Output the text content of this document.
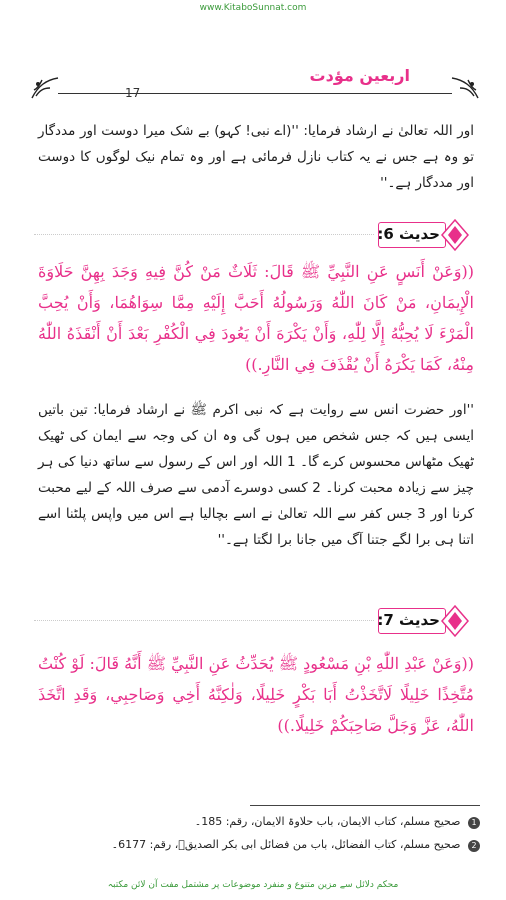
www.KitaboSunnat.com
17
اربعین مؤدت
اور اللہ تعالیٰ نے ارشاد فرمایا: ''(اے نبی! کہو) بے شک میرا دوست اور مددگار تو وہ ہے جس نے یہ کتاب نازل فرمائی ہے اور وہ تمام نیک لوگوں کا دوست اور مددگار ہے۔''
حدیث 6:
((وَعَنْ أَنَسٍ عَنِ النَّبِيِّ ﷺ قَالَ: ثَلَاثٌ مَنْ كُنَّ فِيهِ وَجَدَ بِهِنَّ حَلَاوَةَ الْإِيمَانِ، مَنْ كَانَ اللّٰهُ وَرَسُولُهُ أَحَبَّ إِلَيْهِ مِمَّا سِوَاهُمَا، وَأَنْ يُحِبَّ الْمَرْءَ لَا يُحِبُّهُ إِلَّا لِلّٰهِ، وَأَنْ يَكْرَهَ أَنْ يَعُودَ فِي الْكُفْرِ بَعْدَ أَنْ أَنْقَذَهُ اللّٰهُ مِنْهُ، كَمَا يَكْرَهُ أَنْ يُقْذَفَ فِي النَّارِ.))
''اور حضرت انس سے روایت ہے کہ نبی اکرم ﷺ نے ارشاد فرمایا: تین باتیں ایسی ہیں کہ جس شخص میں ہوں گی وہ ان کی وجہ سے ایمان کی ٹھیک ٹھیک مٹھاس محسوس کرے گا۔ 1 اللہ اور اس کے رسول سے ساتھ دنیا کی ہر چیز سے زیادہ محبت کرنا۔ 2 کسی دوسرے آدمی سے صرف اللہ کے لیے محبت کرنا اور 3 جس کفر سے اللہ تعالیٰ نے اسے بچالیا ہے اس میں واپس پلٹنا اسے اتنا ہی برا لگے جتنا آگ میں جانا برا لگتا ہے۔''
حدیث 7:
((وَعَنْ عَبْدِ اللّٰهِ بْنِ مَسْعُودٍ ﷺ يُحَدِّثُ عَنِ النَّبِيِّ ﷺ أَنَّهُ قَالَ: لَوْ كُنْتُ مُتَّخِذًا خَلِيلًا لَاتَّخَذْتُ أَبَا بَكْرٍ خَلِيلًا، وَلٰكِنَّهُ أَخِي وَصَاحِبِي، وَقَدِ اتَّخَذَ اللّٰهُ، عَزَّ وَجَلَّ صَاحِبَكُمْ خَلِيلًا.))
1 صحیح مسلم، کتاب الایمان، باب حلاوۃ الایمان، رقم: 185۔
2 صحیح مسلم، کتاب الفضائل، باب من فضائل ابی بکر الصدیقؓ، رقم: 6177۔
محکم دلائل سے مزین متنوع و منفرد موضوعات پر مشتمل مفت آن لائن مکتبہ
